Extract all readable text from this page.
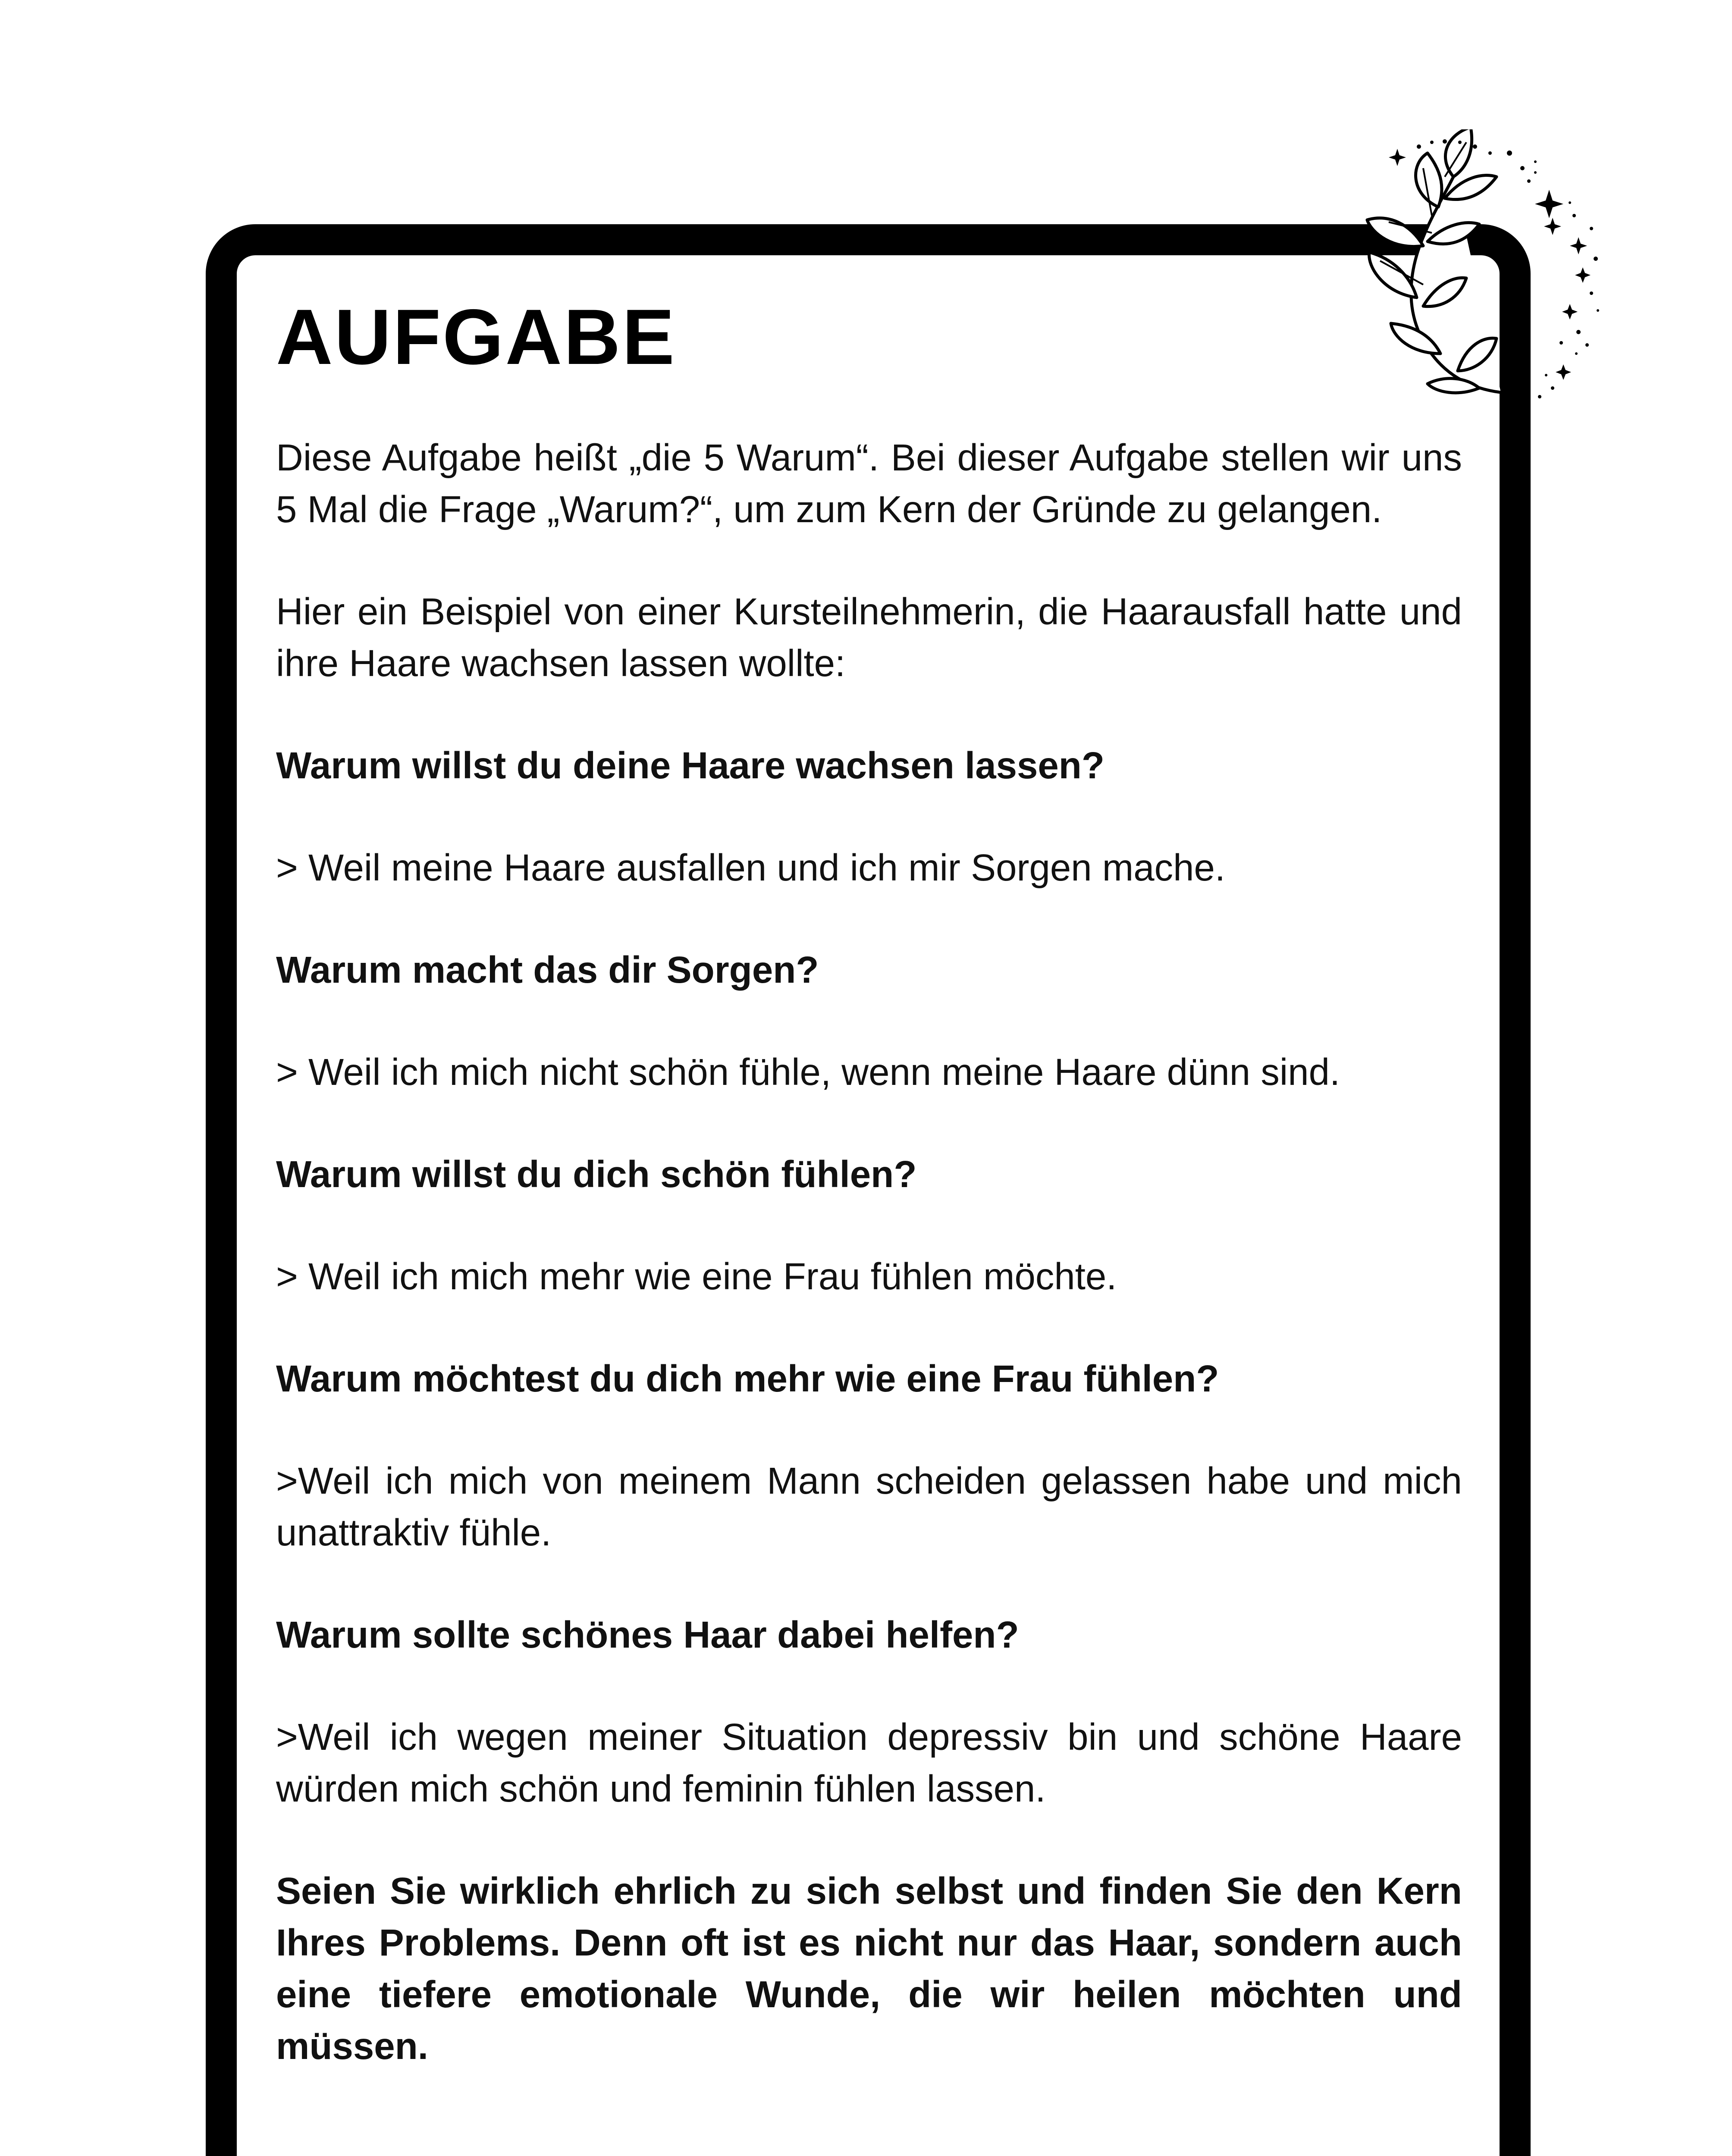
AUFGABE

Diese Aufgabe heißt „die 5 Warum“. Bei dieser Aufgabe stellen wir uns 5 Mal die Frage „Warum?“, um zum Kern der Gründe zu gelangen.

Hier ein Beispiel von einer Kursteilnehmerin, die Haarausfall hatte und ihre Haare wachsen lassen wollte:

Warum willst du deine Haare wachsen lassen?

> Weil meine Haare ausfallen und ich mir Sorgen mache.

Warum macht das dir Sorgen?

> Weil ich mich nicht schön fühle, wenn meine Haare dünn sind.

Warum willst du dich schön fühlen?

> Weil ich mich mehr wie eine Frau fühlen möchte.

Warum möchtest du dich mehr wie eine Frau fühlen?

>Weil ich mich von meinem Mann scheiden gelassen habe und mich unattraktiv fühle.

Warum sollte schönes Haar dabei helfen?

>Weil ich wegen meiner Situation depressiv bin und schöne Haare würden mich schön und feminin fühlen lassen.

Seien Sie wirklich ehrlich zu sich selbst und finden Sie den Kern Ihres Problems. Denn oft ist es nicht nur das Haar, sondern auch eine tiefere emotionale Wunde, die wir heilen möchten und müssen.
